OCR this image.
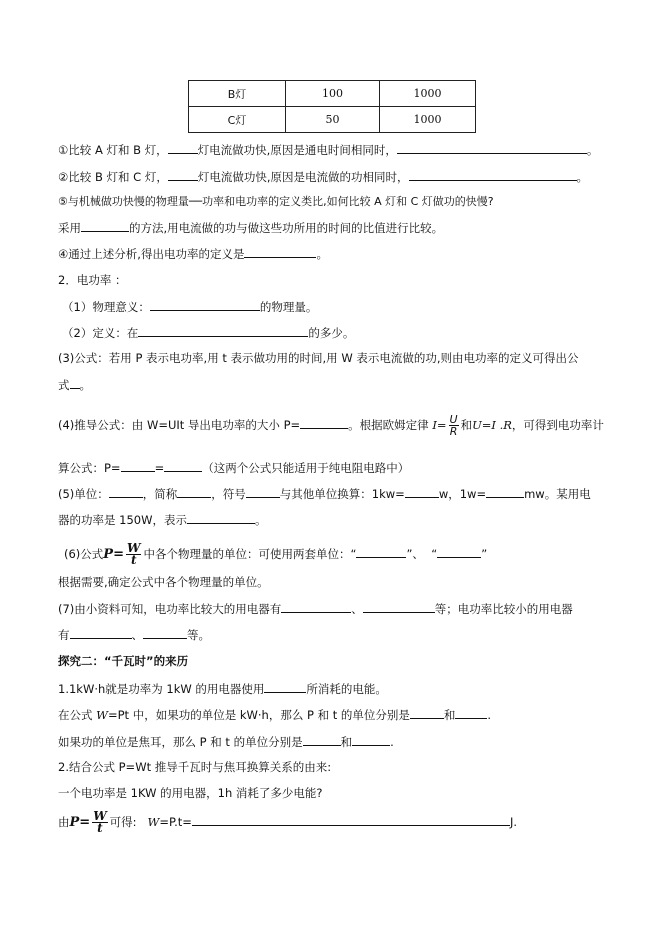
B灯	100	1000
C灯	50	1000
①比较 A 灯和 B 灯，	灯电流做功快,原因是通电时间相同时，	。
②比较 B 灯和 C 灯，	灯电流做功快,原因是电流做的功相同时，	。
⑤与机械做功快慢的物理量──功率和电功率的定义类比,如何比较 A 灯和 C 灯做功的快慢?
采用	的方法,用电流做的功与做这些功所用的时间的比值进行比较。
④通过上述分析,得出电功率的定义是	。
2．电功率 ：
（1）物理意义：	的物理量。
（2）定义：在	的多少。
(3)公式：若用 P 表示电功率,用 t 表示做功用的时间,用 W 表示电流做的功,则由电功率的定义可得出公
式 。
(4)推导公式：由 W=UIt 导出电功率的大小 P=	。根据欧姆定律 $I= \frac{U}{R}$ 和U=I .R，可得到电功率计
算公式：P=	=	（这两个公式只能适用于纯电阻电路中）
(5)单位：	，简称	，符号	与其他单位换算：1kw=	w，1w=	mw。某用电
器的功率是 150W，表示	。
(6)公式$P= \frac{W}{t}$ 中各个物理量的单位：可使用两套单位：“	”、 “	”
根据需要,确定公式中各个物理量的单位。
(7)由小资料可知，电功率比较大的用电器有	、	等；电功率比较小的用电器
有	、	等。
探究二：“千瓦时”的来历
1.1kW·h就是功率为 1kW 的用电器使用	所消耗的电能。
在公式 W=Pt 中，如果功的单位是 kW·h，那么 P 和 t 的单位分别是	和	.
如果功的单位是焦耳，那么 P 和 t 的单位分别是	和	.
2.结合公式 P=Wt 推导千瓦时与焦耳换算关系的由来:
一个电功率是 1KW 的用电器，1h 消耗了多少电能?
由$P= \frac{W}{t}$ 可得: W=P.t=	J.
